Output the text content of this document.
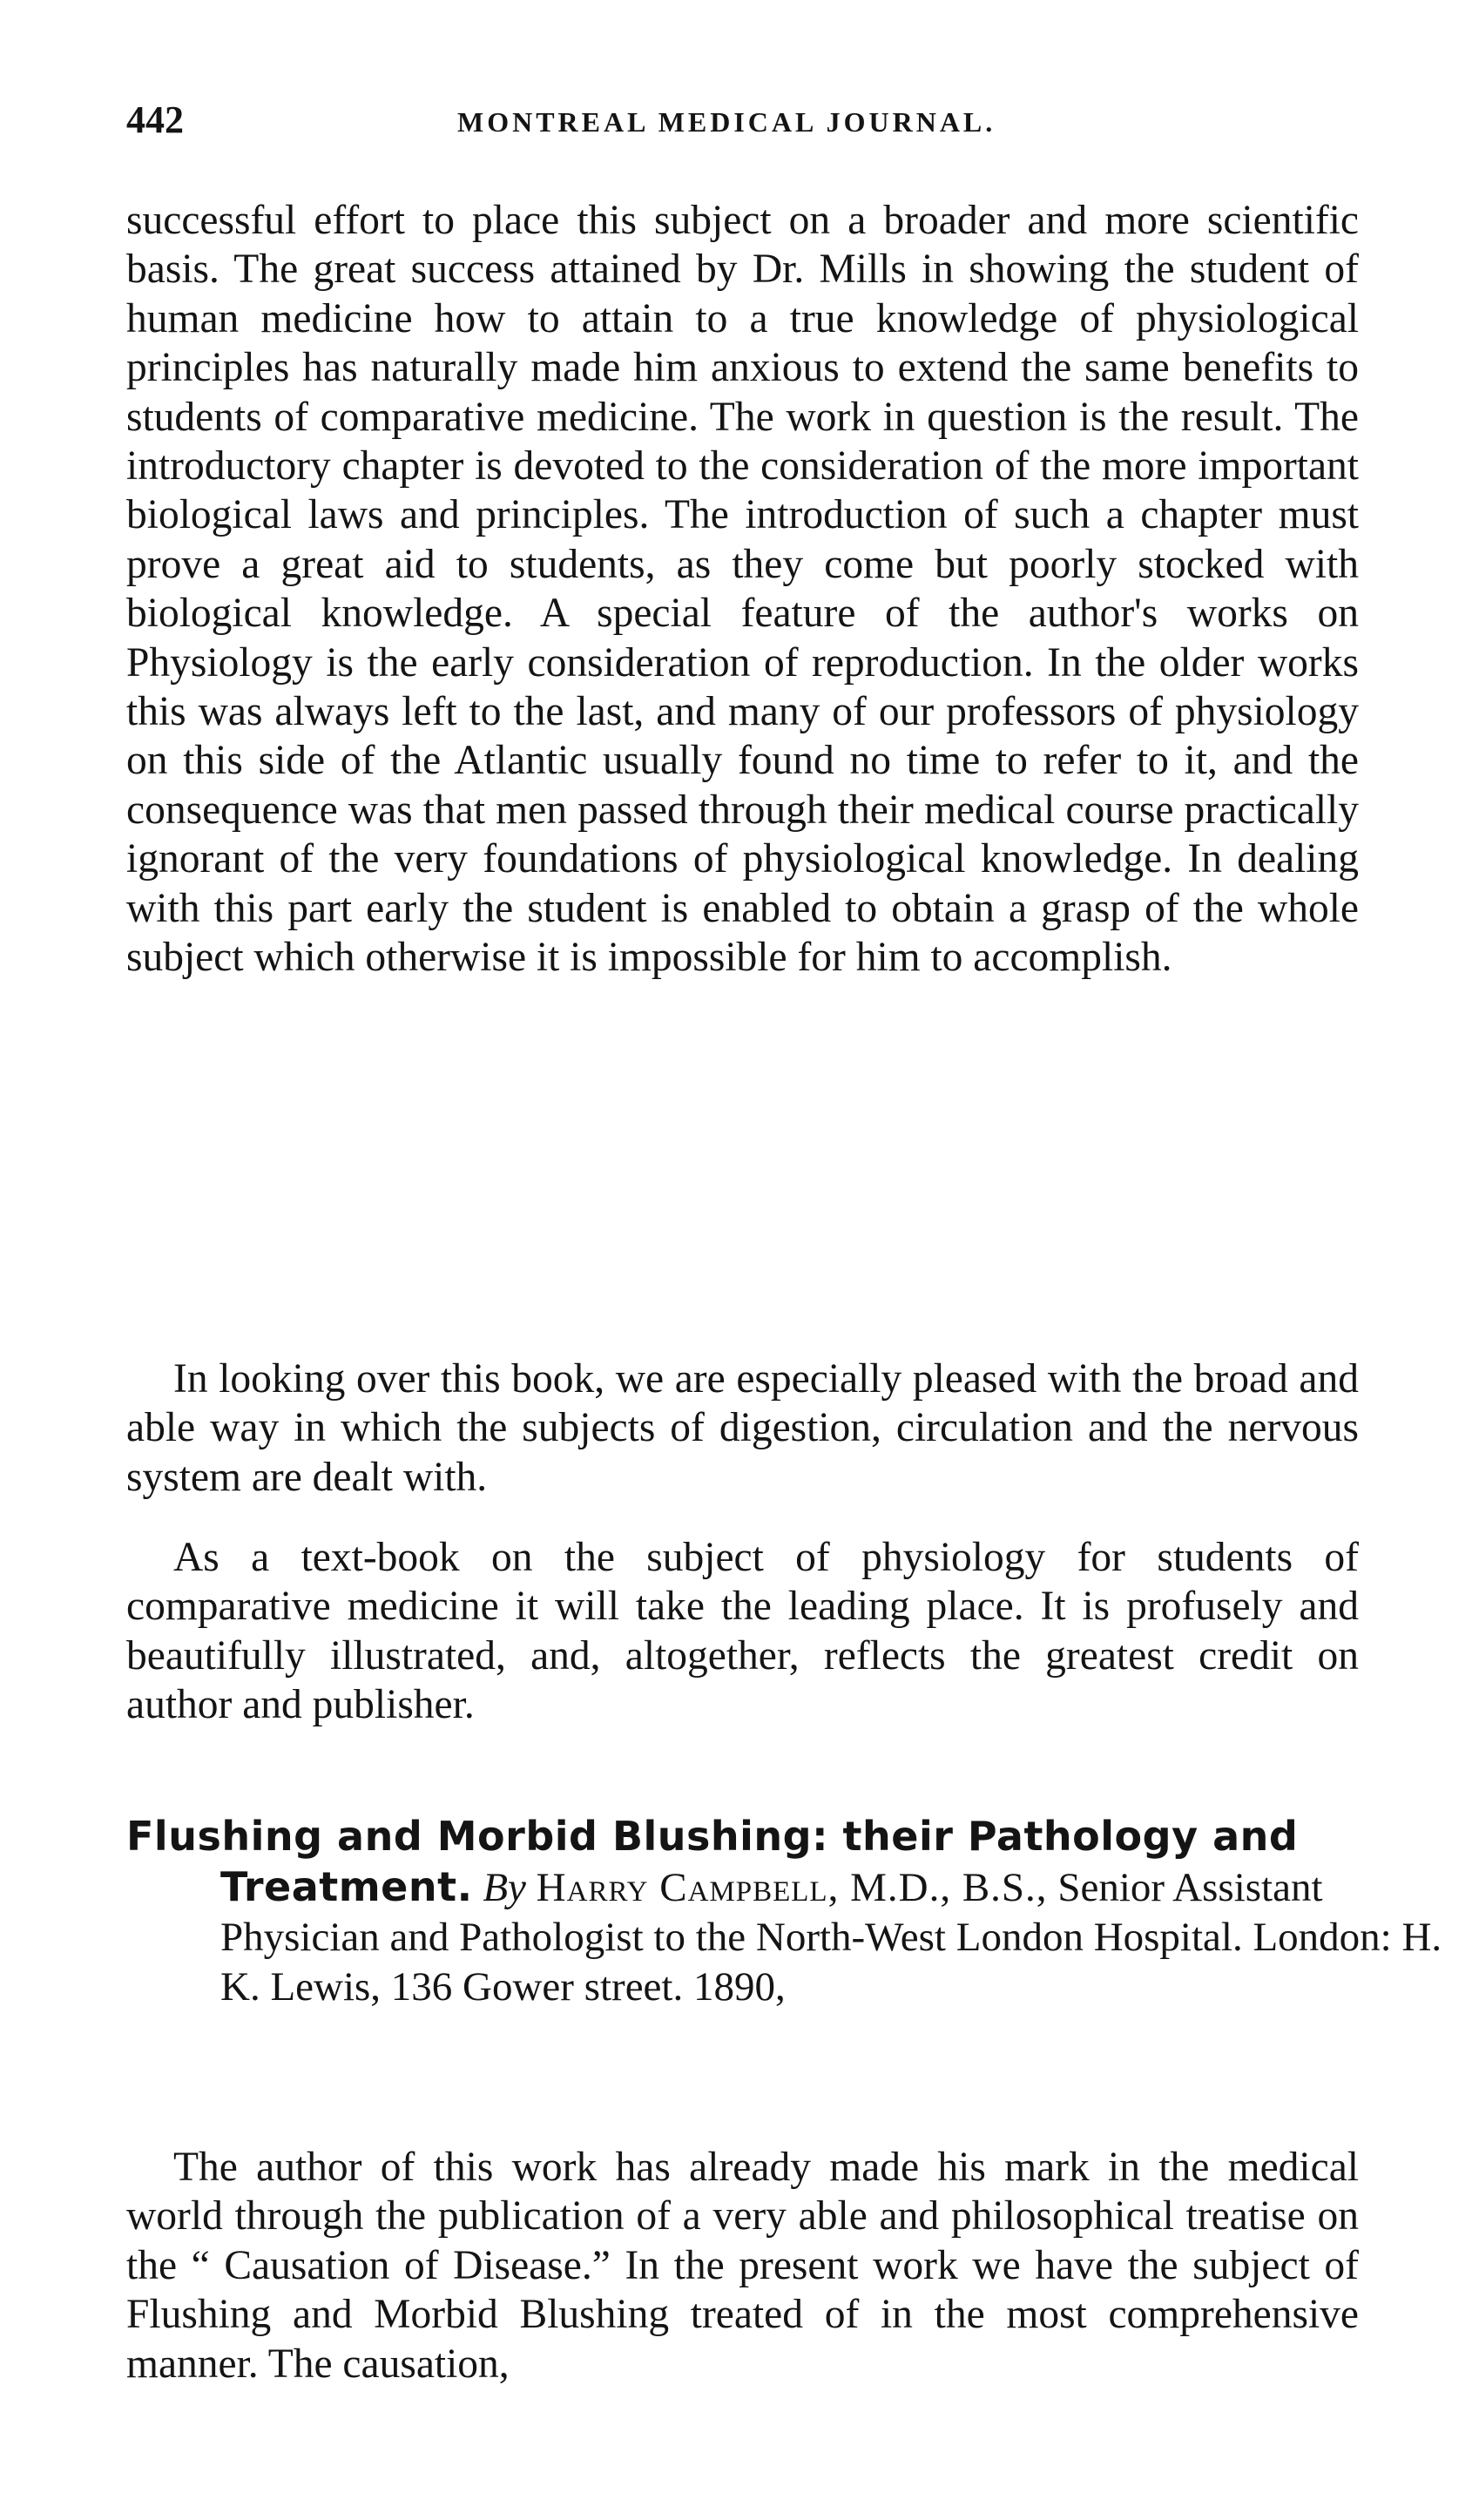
442	MONTREAL MEDICAL JOURNAL.

successful effort to place this subject on a broader and more scientific basis. The great success attained by Dr. Mills in showing the student of human medicine how to attain to a true knowledge of physiological principles has naturally made him anxious to extend the same benefits to students of comparative medicine. The work in question is the result. The introductory chapter is devoted to the consideration of the more important biological laws and principles. The introduction of such a chapter must prove a great aid to students, as they come but poorly stocked with biological knowledge. A special feature of the author's works on Physiology is the early consideration of reproduction. In the older works this was always left to the last, and many of our professors of physiology on this side of the Atlantic usually found no time to refer to it, and the consequence was that men passed through their medical course practically ignorant of the very foundations of physiological knowledge. In dealing with this part early the student is enabled to obtain a grasp of the whole subject which otherwise it is impossible for him to accomplish.

In looking over this book, we are especially pleased with the broad and able way in which the subjects of digestion, circulation and the nervous system are dealt with.

As a text-book on the subject of physiology for students of comparative medicine it will take the leading place. It is profusely and beautifully illustrated, and, altogether, reflects the greatest credit on author and publisher.

Flushing and Morbid Blushing: their Pathology and Treatment. By Harry Campbell, M.D., B.S., Senior Assistant Physician and Pathologist to the North-West London Hospital. London: H. K. Lewis, 136 Gower street. 1890,

The author of this work has already made his mark in the medical world through the publication of a very able and philosophical treatise on the “ Causation of Disease.” In the present work we have the subject of Flushing and Morbid Blushing treated of in the most comprehensive manner. The causation,
